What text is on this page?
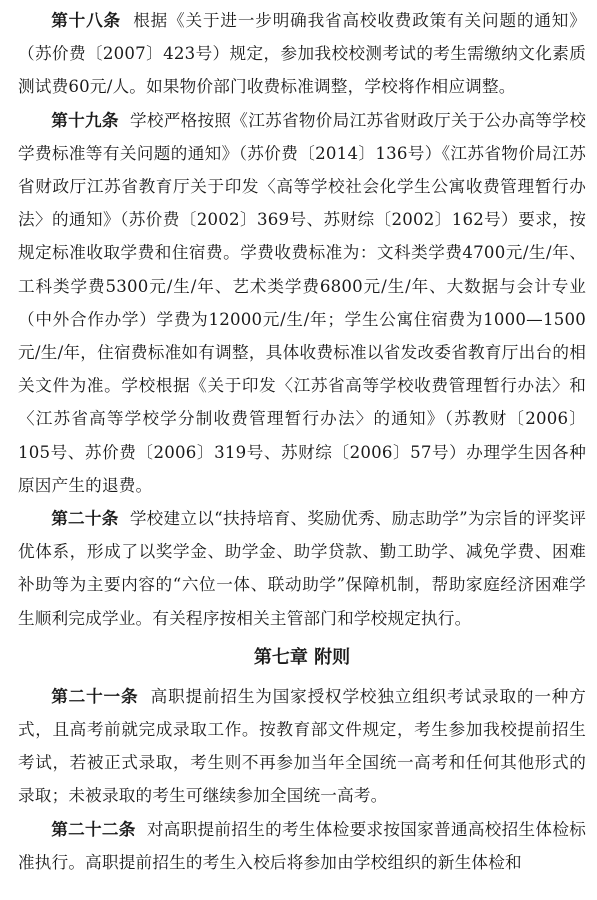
第十八条 根据《关于进一步明确我省高校收费政策有关问题的通知》（苏价费〔2007〕423号）规定，参加我校校测考试的考生需缴纳文化素质测试费60元/人。如果物价部门收费标准调整，学校将作相应调整。

第十九条 学校严格按照《江苏省物价局江苏省财政厅关于公办高等学校学费标准等有关问题的通知》（苏价费〔2014〕136号）《江苏省物价局江苏省财政厅江苏省教育厅关于印发〈高等学校社会化学生公寓收费管理暂行办法〉的通知》（苏价费〔2002〕369号、苏财综〔2002〕162号）要求，按规定标准收取学费和住宿费。学费收费标准为：文科类学费4700元/生/年、工科类学费5300元/生/年、艺术类学费6800元/生/年、大数据与会计专业（中外合作办学）学费为12000元/生/年；学生公寓住宿费为1000—1500元/生/年，住宿费标准如有调整，具体收费标准以省发改委省教育厅出台的相关文件为准。学校根据《关于印发〈江苏省高等学校收费管理暂行办法〉和〈江苏省高等学校学分制收费管理暂行办法〉的通知》（苏教财〔2006〕105号、苏价费〔2006〕319号、苏财综〔2006〕57号）办理学生因各种原因产生的退费。

第二十条 学校建立以“扶持培育、奖励优秀、励志助学”为宗旨的评奖评优体系，形成了以奖学金、助学金、助学贷款、勤工助学、减免学费、困难补助等为主要内容的“六位一体、联动助学”保障机制，帮助家庭经济困难学生顺利完成学业。有关程序按相关主管部门和学校规定执行。

第七章 附则

第二十一条 高职提前招生为国家授权学校独立组织考试录取的一种方式，且高考前就完成录取工作。按教育部文件规定，考生参加我校提前招生考试，若被正式录取，考生则不再参加当年全国统一高考和任何其他形式的录取；未被录取的考生可继续参加全国统一高考。

第二十二条 对高职提前招生的考生体检要求按国家普通高校招生体检标准执行。高职提前招生的考生入校后将参加由学校组织的新生体检和
